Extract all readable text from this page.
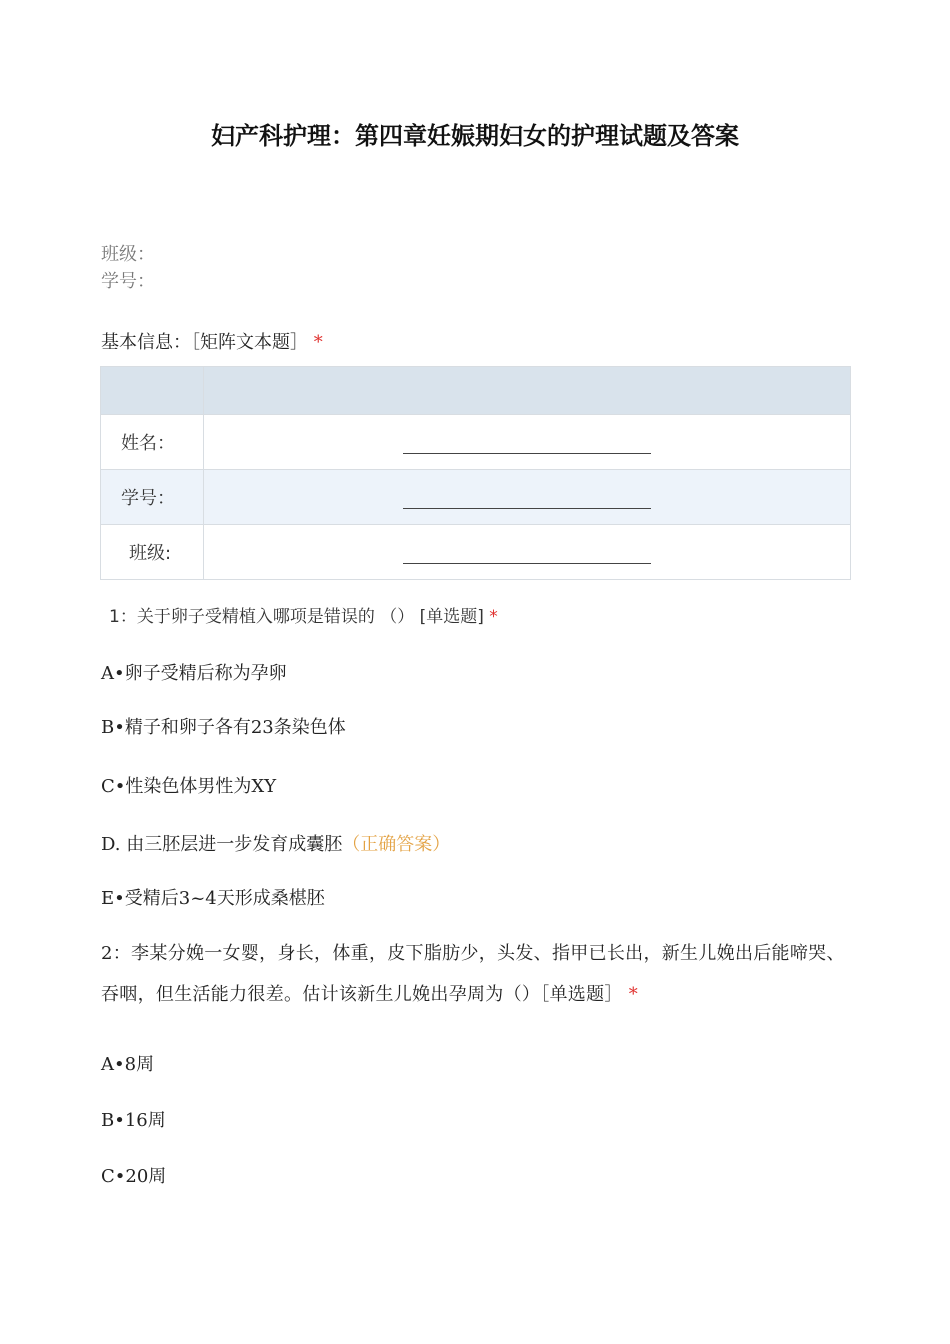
妇产科护理：第四章妊娠期妇女的护理试题及答案
班级：
学号：
基本信息：［矩阵文本题］ *

姓名：	
学号：	
班级:	
1：关于卵子受精植入哪项是错误的 （） [单选题] *
A•卵子受精后称为孕卵
B•精子和卵子各有23条染色体
C•性染色体男性为XY
D. 由三胚层进一步发育成囊胚（正确答案）
E•受精后3~4天形成桑椹胚
2：李某分娩一女婴，身长，体重，皮下脂肪少，头发、指甲已长出，新生儿娩出后能啼哭、吞咽，但生活能力很差。估计该新生儿娩出孕周为（）［单选题］ *
A•8周
B•16周
C•20周
